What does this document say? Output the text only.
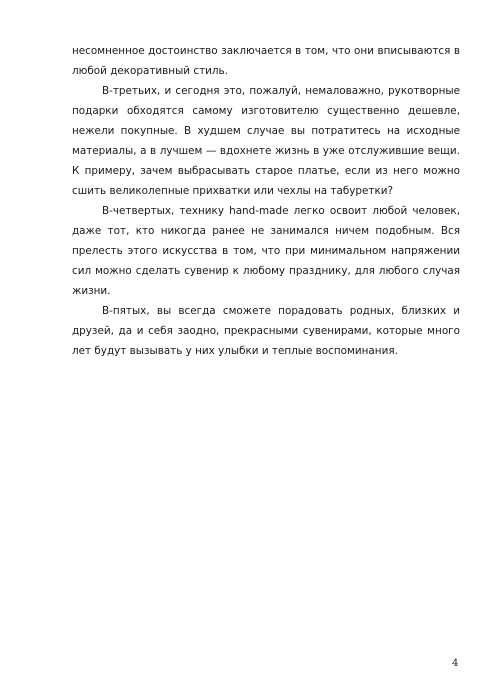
несомненное достоинство заключается в том, что они вписываются в любой декоративный стиль.

В-третьих, и сегодня это, пожалуй, немаловажно, рукотворные подарки обходятся самому изготовителю существенно дешевле, нежели покупные. В худшем случае вы потратитесь на исходные материалы, а в лучшем — вдохнете жизнь в уже отслужившие вещи. К примеру, зачем выбрасывать старое платье, если из него можно сшить великолепные прихватки или чехлы на табуретки?

В-четвертых, технику hand-made легко освоит любой человек, даже тот, кто никогда ранее не занимался ничем подобным. Вся прелесть этого искусства в том, что при минимальном напряжении сил можно сделать сувенир к любому празднику, для любого случая жизни.

В-пятых, вы всегда сможете порадовать родных, близких и друзей, да и себя заодно, прекрасными сувенирами, которые много лет будут вызывать у них улыбки и теплые воспоминания.

4
